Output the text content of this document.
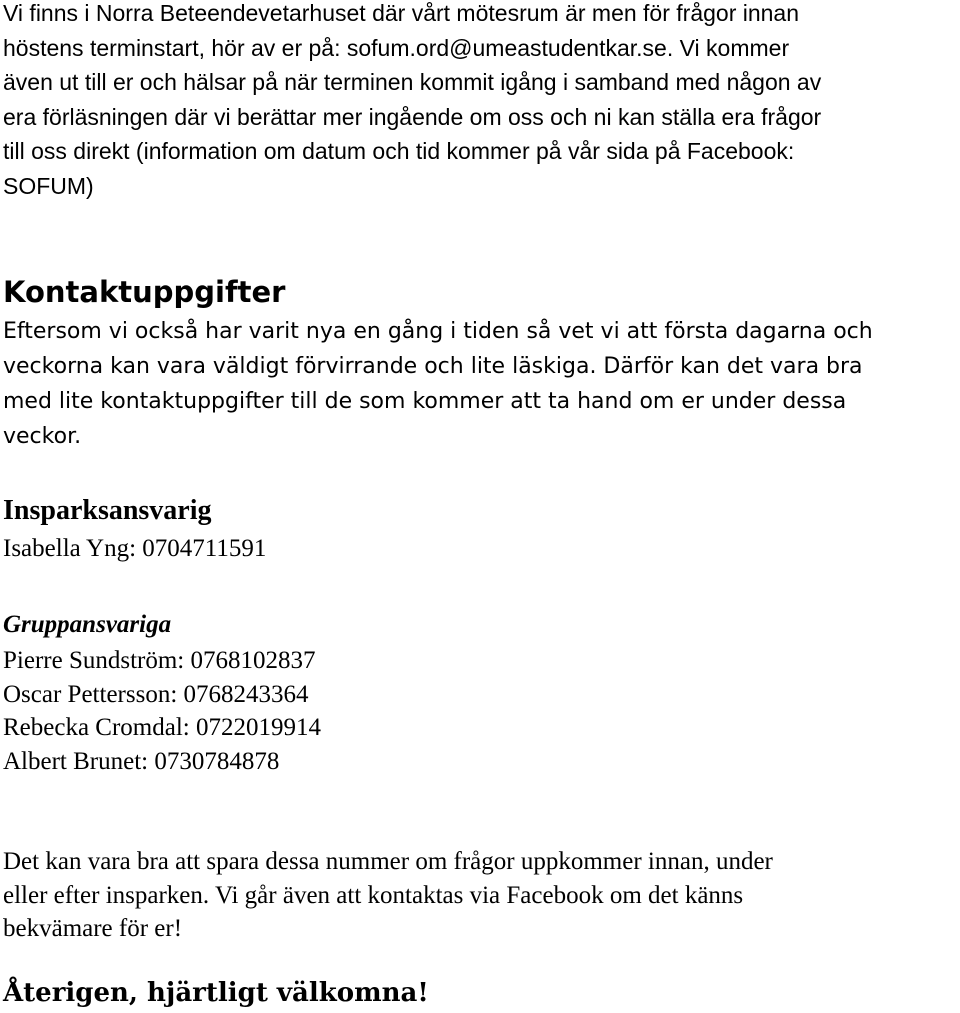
Vi finns i Norra Beteendevetarhuset där vårt mötesrum är men för frågor innan
höstens terminstart, hör av er på: sofum.ord@umeastudentkar.se. Vi kommer
även ut till er och hälsar på när terminen kommit igång i samband med någon av
era förläsningen där vi berättar mer ingående om oss och ni kan ställa era frågor
till oss direkt (information om datum och tid kommer på vår sida på Facebook:
SOFUM)
Kontaktuppgifter
Eftersom vi också har varit nya en gång i tiden så vet vi att första dagarna och
veckorna kan vara väldigt förvirrande och lite läskiga. Därför kan det vara bra
med lite kontaktuppgifter till de som kommer att ta hand om er under dessa
veckor.
Insparksansvarig
Isabella Yng: 0704711591
Gruppansvariga
Pierre Sundström: 0768102837
Oscar Pettersson: 0768243364
Rebecka Cromdal: 0722019914
Albert Brunet: 0730784878
Det kan vara bra att spara dessa nummer om frågor uppkommer innan, under
eller efter insparken. Vi går även att kontaktas via Facebook om det känns
bekvämare för er!
Återigen, hjärtligt välkomna!
